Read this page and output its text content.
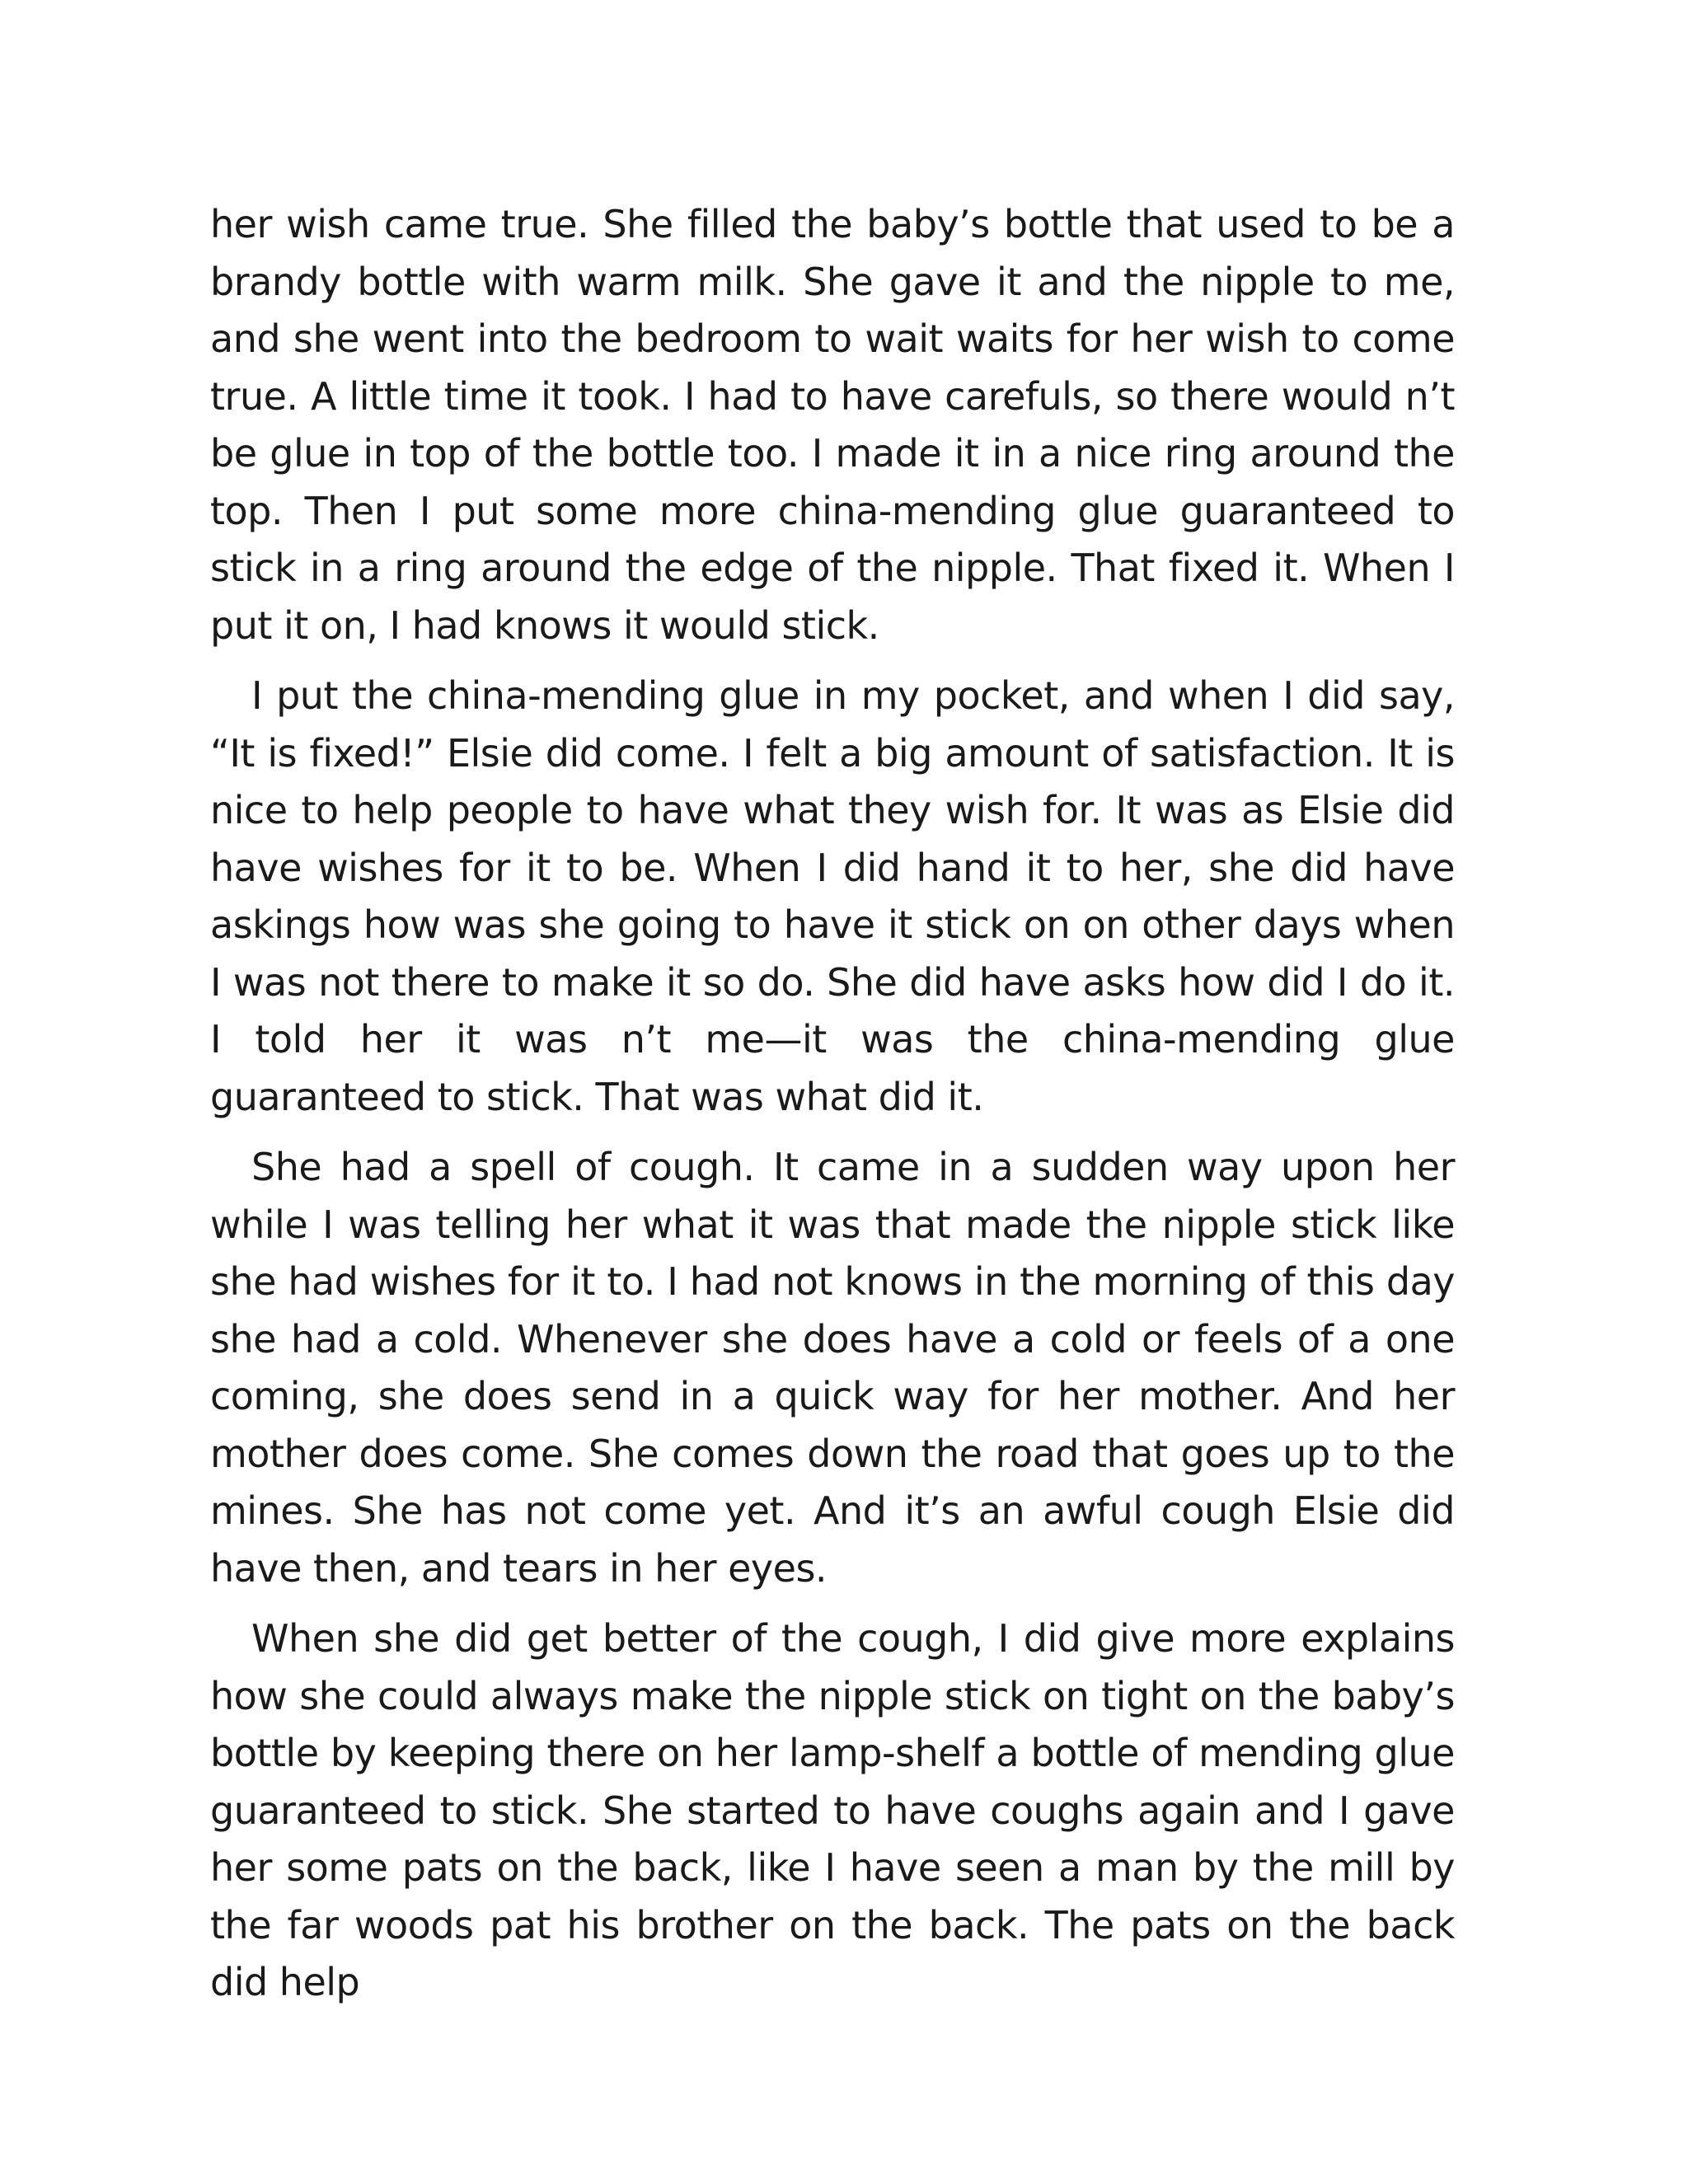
her wish came true. She filled the baby’s bottle that used to be a brandy bottle with warm milk. She gave it and the nipple to me, and she went into the bedroom to wait waits for her wish to come true. A little time it took. I had to have carefuls, so there would n’t be glue in top of the bottle too. I made it in a nice ring around the top. Then I put some more china-mending glue guaranteed to stick in a ring around the edge of the nipple. That fixed it. When I put it on, I had knows it would stick.

I put the china-mending glue in my pocket, and when I did say, “It is fixed!” Elsie did come. I felt a big amount of satisfaction. It is nice to help people to have what they wish for. It was as Elsie did have wishes for it to be. When I did hand it to her, she did have askings how was she going to have it stick on on other days when I was not there to make it so do. She did have asks how did I do it. I told her it was n’t me—it was the china-mending glue guaranteed to stick. That was what did it.

She had a spell of cough. It came in a sudden way upon her while I was telling her what it was that made the nipple stick like she had wishes for it to. I had not knows in the morning of this day she had a cold. Whenever she does have a cold or feels of a one coming, she does send in a quick way for her mother. And her mother does come. She comes down the road that goes up to the mines. She has not come yet. And it’s an awful cough Elsie did have then, and tears in her eyes.

When she did get better of the cough, I did give more explains how she could always make the nipple stick on tight on the baby’s bottle by keeping there on her lamp-shelf a bottle of mending glue guaranteed to stick. She started to have coughs again and I gave her some pats on the back, like I have seen a man by the mill by the far woods pat his brother on the back. The pats on the back did help
